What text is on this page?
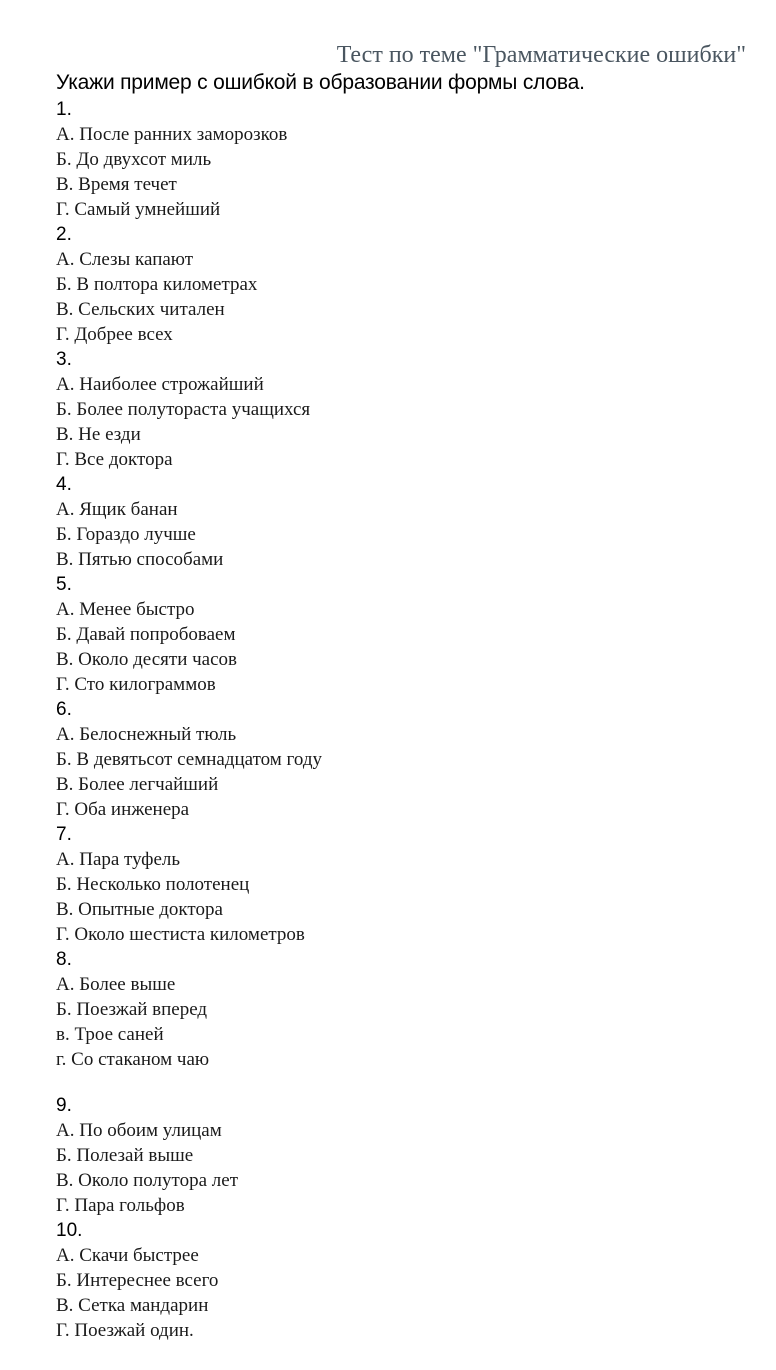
Тест по теме "Грамматические ошибки"
Укажи пример с ошибкой в образовании формы слова.
1.
А. После ранних заморозков
Б. До двухсот миль
В. Время течет
Г. Самый умнейший
2.
А. Слезы капают
Б. В полтора километрах
В. Сельских читален
Г. Добрее всех
3.
А. Наиболее строжайший
Б. Более полутораста учащихся
В. Не езди
Г. Все доктора
4.
А. Ящик банан
Б. Гораздо лучше
В. Пятью способами
5.
А. Менее быстро
Б. Давай попробоваем
В. Около десяти часов
Г. Сто килограммов
6.
А. Белоснежный тюль
Б. В девятьсот семнадцатом году
В. Более легчайший
Г. Оба инженера
7.
А. Пара туфель
Б. Несколько полотенец
В. Опытные доктора
Г. Около шестиста километров
8.
А. Более выше
Б. Поезжай вперед
в. Трое саней
г. Со стаканом чаю
9.
А. По обоим улицам
Б. Полезай выше
В. Около полутора лет
Г. Пара гольфов
10.
А. Скачи быстрее
Б. Интереснее всего
В. Сетка мандарин
Г. Поезжай один.
